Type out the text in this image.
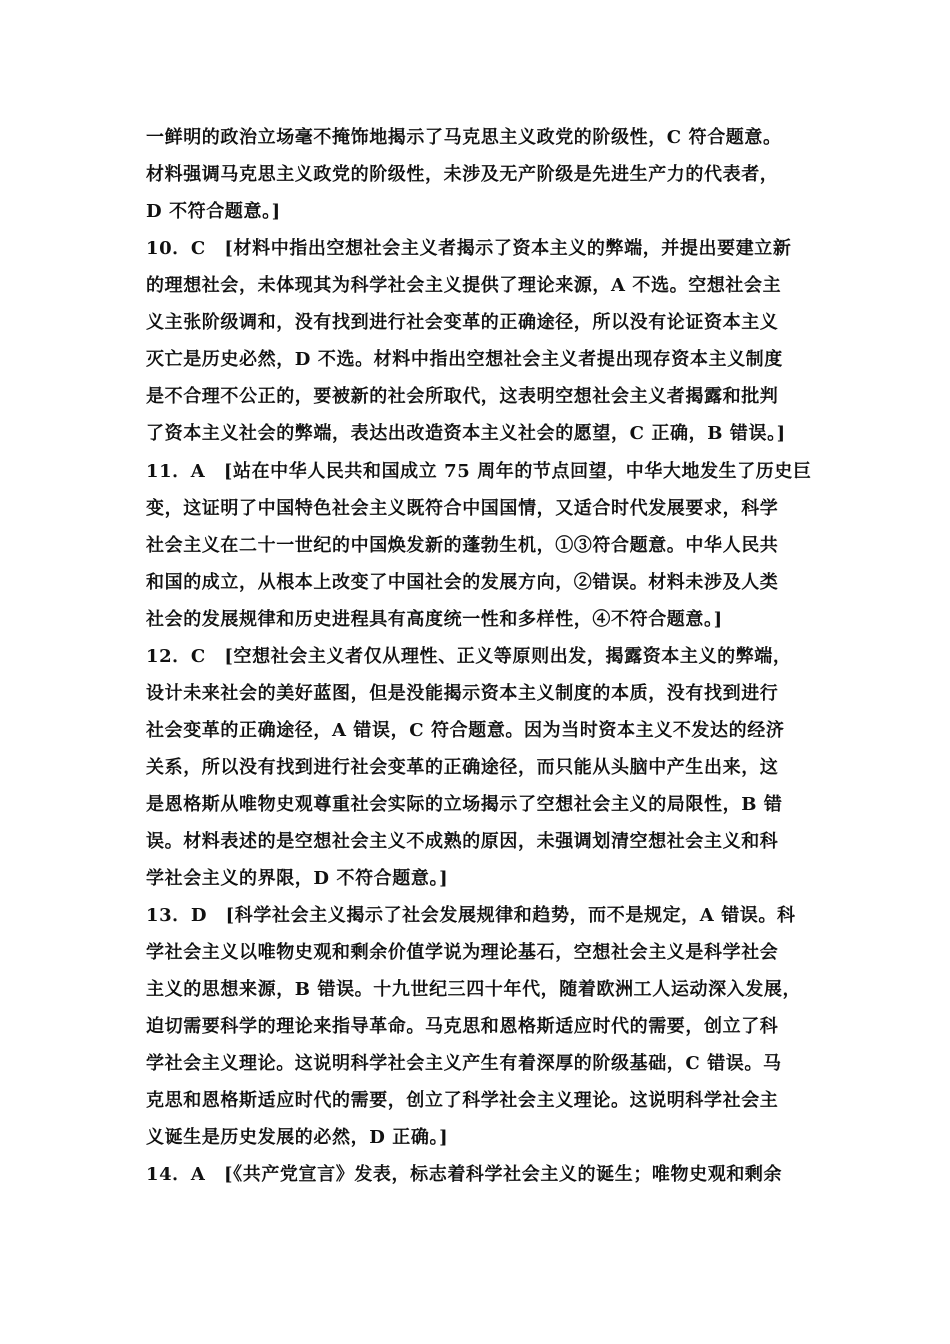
一鲜明的政治立场毫不掩饰地揭示了马克思主义政党的阶级性，C 符合题意。
材料强调马克思主义政党的阶级性，未涉及无产阶级是先进生产力的代表者，
D 不符合题意。]
10．C　[材料中指出空想社会主义者揭示了资本主义的弊端，并提出要建立新
的理想社会，未体现其为科学社会主义提供了理论来源，A 不选。空想社会主
义主张阶级调和，没有找到进行社会变革的正确途径，所以没有论证资本主义
灭亡是历史必然，D 不选。材料中指出空想社会主义者提出现存资本主义制度
是不合理不公正的，要被新的社会所取代，这表明空想社会主义者揭露和批判
了资本主义社会的弊端，表达出改造资本主义社会的愿望，C 正确，B 错误。]
11．A　[站在中华人民共和国成立 75 周年的节点回望，中华大地发生了历史巨
变，这证明了中国特色社会主义既符合中国国情，又适合时代发展要求，科学
社会主义在二十一世纪的中国焕发新的蓬勃生机，①③符合题意。中华人民共
和国的成立，从根本上改变了中国社会的发展方向，②错误。材料未涉及人类
社会的发展规律和历史进程具有高度统一性和多样性，④不符合题意。]
12．C　[空想社会主义者仅从理性、正义等原则出发，揭露资本主义的弊端，
设计未来社会的美好蓝图，但是没能揭示资本主义制度的本质，没有找到进行
社会变革的正确途径，A 错误，C 符合题意。因为当时资本主义不发达的经济
关系，所以没有找到进行社会变革的正确途径，而只能从头脑中产生出来，这
是恩格斯从唯物史观尊重社会实际的立场揭示了空想社会主义的局限性，B 错
误。材料表述的是空想社会主义不成熟的原因，未强调划清空想社会主义和科
学社会主义的界限，D 不符合题意。]
13．D　[科学社会主义揭示了社会发展规律和趋势，而不是规定，A 错误。科
学社会主义以唯物史观和剩余价值学说为理论基石，空想社会主义是科学社会
主义的思想来源，B 错误。十九世纪三四十年代，随着欧洲工人运动深入发展，
迫切需要科学的理论来指导革命。马克思和恩格斯适应时代的需要，创立了科
学社会主义理论。这说明科学社会主义产生有着深厚的阶级基础，C 错误。马
克思和恩格斯适应时代的需要，创立了科学社会主义理论。这说明科学社会主
义诞生是历史发展的必然，D 正确。]
14．A　[《共产党宣言》发表，标志着科学社会主义的诞生；唯物史观和剩余
